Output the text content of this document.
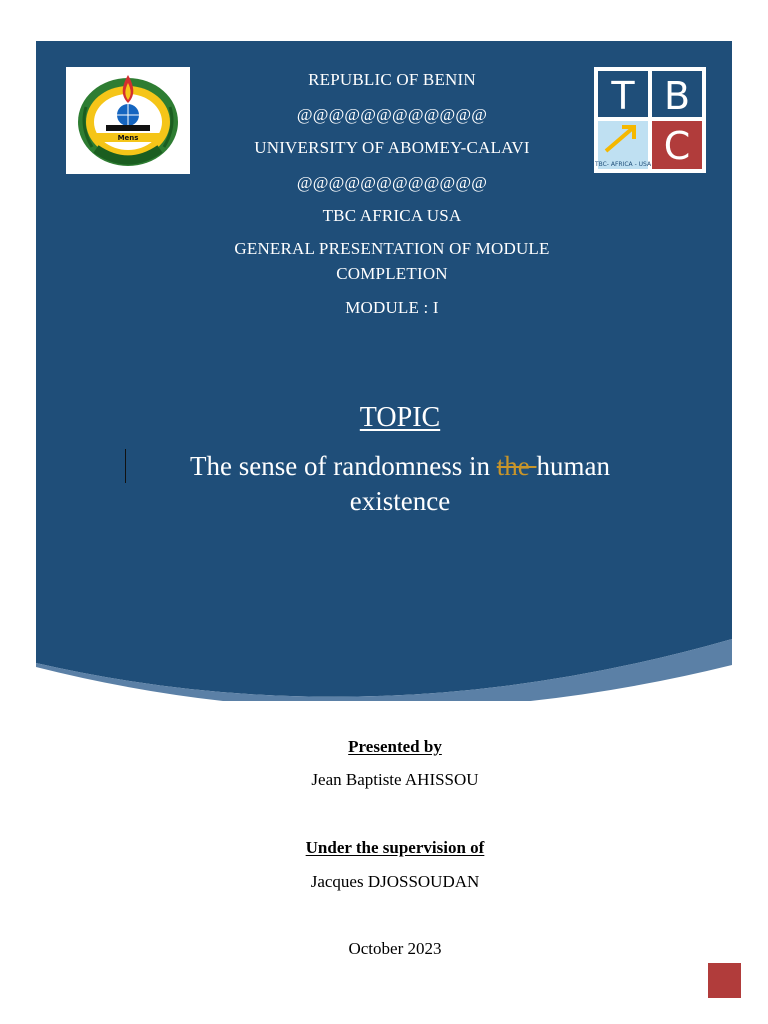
Mens
T B
C
TBC- AFRICA - USA
REPUBLIC OF BENIN
@@@@@@@@@@@@
UNIVERSITY OF ABOMEY-CALAVI
@@@@@@@@@@@@
TBC AFRICA USA
GENERAL PRESENTATION OF MODULE
COMPLETION
MODULE : I
TOPIC
The sense of randomness in the human existence
Presented by
Jean Baptiste AHISSOU
Under the supervision of
Jacques DJOSSOUDAN
October 2023
